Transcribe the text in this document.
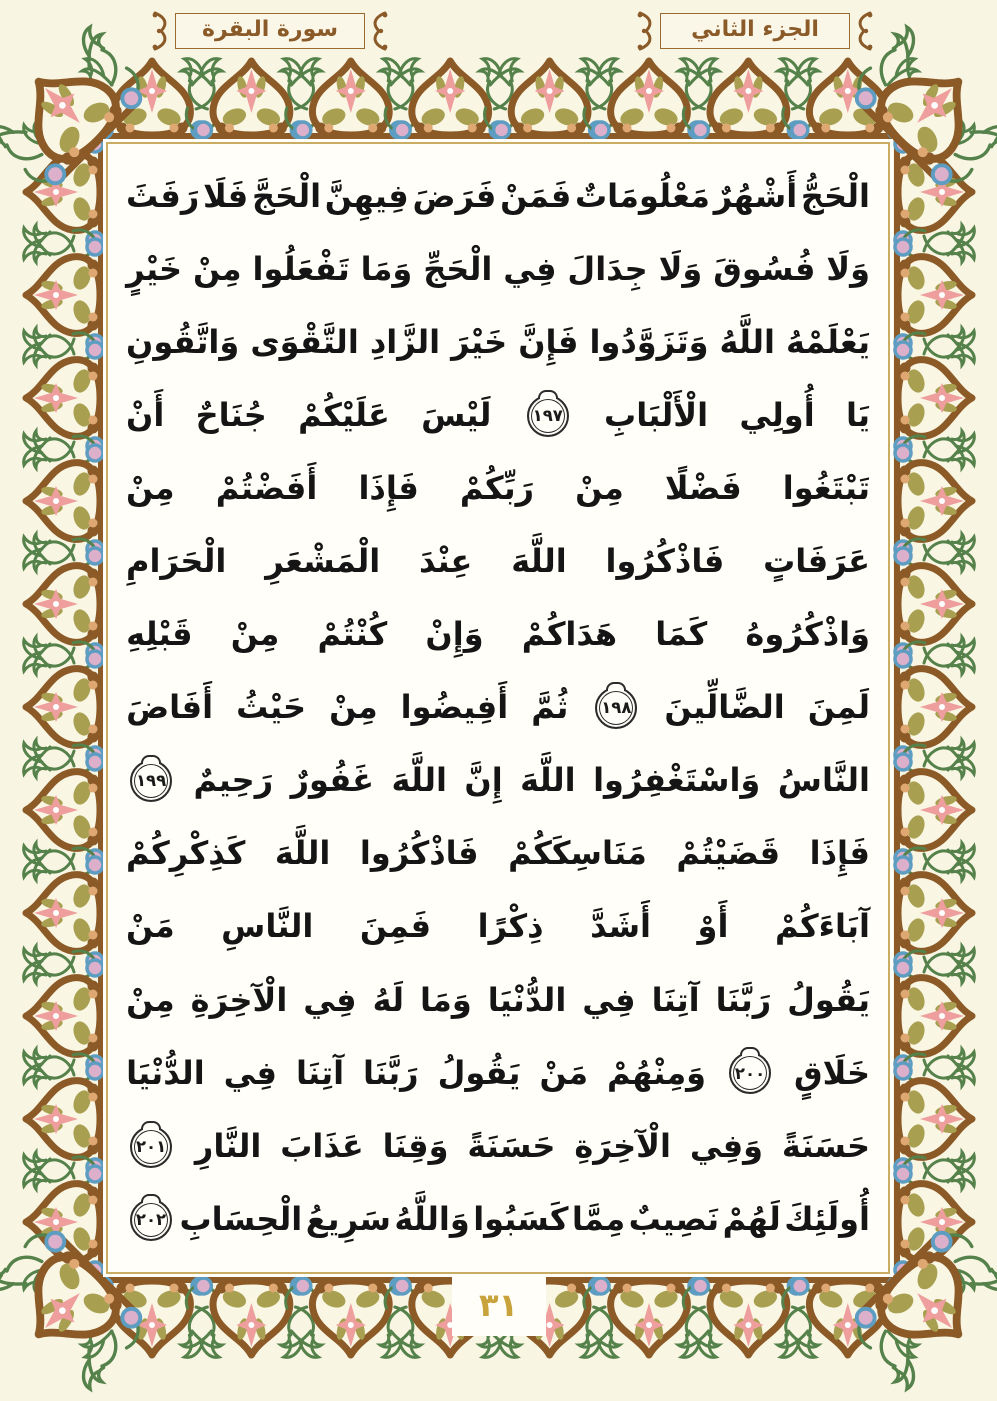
سورة البقرة	الجزء الثاني
الْحَجُّ
أَشْهُرٌ
مَعْلُومَاتٌ
فَمَنْ
فَرَضَ
فِيهِنَّ
الْحَجَّ
فَلَا
رَفَثَ
وَلَا
فُسُوقَ
وَلَا
جِدَالَ
فِي
الْحَجِّ
وَمَا
تَفْعَلُوا
مِنْ
خَيْرٍ
يَعْلَمْهُ
اللَّهُ
وَتَزَوَّدُوا
فَإِنَّ
خَيْرَ
الزَّادِ
التَّقْوَى
وَاتَّقُونِ
يَا
أُولِي
الْأَلْبَابِ
١٩٧
لَيْسَ
عَلَيْكُمْ
جُنَاحٌ
أَنْ
تَبْتَغُوا
فَضْلًا
مِنْ
رَبِّكُمْ
فَإِذَا
أَفَضْتُمْ
مِنْ
عَرَفَاتٍ
فَاذْكُرُوا
اللَّهَ
عِنْدَ
الْمَشْعَرِ
الْحَرَامِ
وَاذْكُرُوهُ
كَمَا
هَدَاكُمْ
وَإِنْ
كُنْتُمْ
مِنْ
قَبْلِهِ
لَمِنَ
الضَّالِّينَ
١٩٨
ثُمَّ
أَفِيضُوا
مِنْ
حَيْثُ
أَفَاضَ
النَّاسُ
وَاسْتَغْفِرُوا
اللَّهَ
إِنَّ
اللَّهَ
غَفُورٌ
رَحِيمٌ
١٩٩
فَإِذَا
قَضَيْتُمْ
مَنَاسِكَكُمْ
فَاذْكُرُوا
اللَّهَ
كَذِكْرِكُمْ
آبَاءَكُمْ
أَوْ
أَشَدَّ
ذِكْرًا
فَمِنَ
النَّاسِ
مَنْ
يَقُولُ
رَبَّنَا
آتِنَا
فِي
الدُّنْيَا
وَمَا
لَهُ
فِي
الْآخِرَةِ
مِنْ
خَلَاقٍ
٢٠٠
وَمِنْهُمْ
مَنْ
يَقُولُ
رَبَّنَا
آتِنَا
فِي
الدُّنْيَا
حَسَنَةً
وَفِي
الْآخِرَةِ
حَسَنَةً
وَقِنَا
عَذَابَ
النَّارِ
٢٠١
أُولَئِكَ
لَهُمْ
نَصِيبٌ
مِمَّا
كَسَبُوا
وَاللَّهُ
سَرِيعُ
الْحِسَابِ
٢٠٢
٣١
